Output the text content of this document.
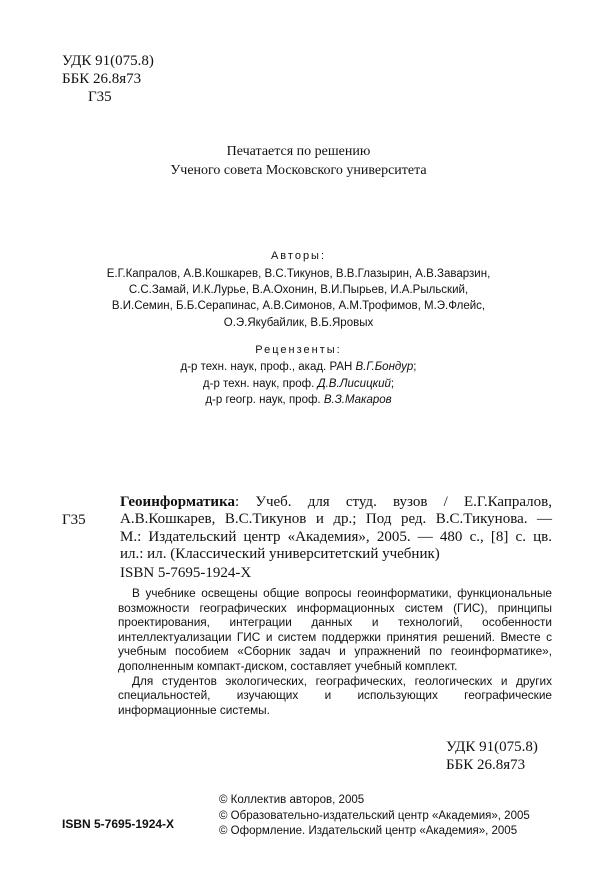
УДК 91(075.8)
ББК 26.8я73
Г35
Печатается по решению
Ученого совета Московского университета
Авторы:
Е.Г.Капралов, А.В.Кошкарев, В.С.Тикунов, В.В.Глазырин, А.В.Заварзин,
С.С.Замай, И.К.Лурье, В.А.Охонин, В.И.Пырьев, И.А.Рыльский,
В.И.Семин, Б.Б.Серапинас, А.В.Симонов, А.М.Трофимов, М.Э.Флейс,
О.Э.Якубайлик, В.Б.Яровых
Рецензенты:
д-р техн. наук, проф., акад. РАН В.Г.Бондур;
д-р техн. наук, проф. Д.В.Лисицкий;
д-р геогр. наук, проф. В.З.Макаров
Г35
Геоинформатика: Учеб. для студ. вузов / Е.Г.Капралов,
А.В.Кошкарев, В.С.Тикунов и др.; Под ред. В.С.Тикунова. —
М.: Издательский центр «Академия», 2005. — 480 с., [8] с. цв.
ил.: ил. (Классический университетский учебник)
ISBN 5-7695-1924-X

В учебнике освещены общие вопросы геоинформатики, функциональные возможности географических информационных систем (ГИС), принципы проектирования, интеграции данных и технологий, особенности интеллектуализации ГИС и систем поддержки принятия решений. Вместе с учебным пособием «Сборник задач и упражнений по геоинформатике», дополненным компакт-диском, составляет учебный комплект.

Для студентов экологических, географических, геологических и других специальностей, изучающих и использующих географические информационные системы.

УДК 91(075.8)
ББК 26.8я73
© Коллектив авторов, 2005
© Образовательно-издательский центр «Академия», 2005
© Оформление. Издательский центр «Академия», 2005
ISBN 5-7695-1924-X
